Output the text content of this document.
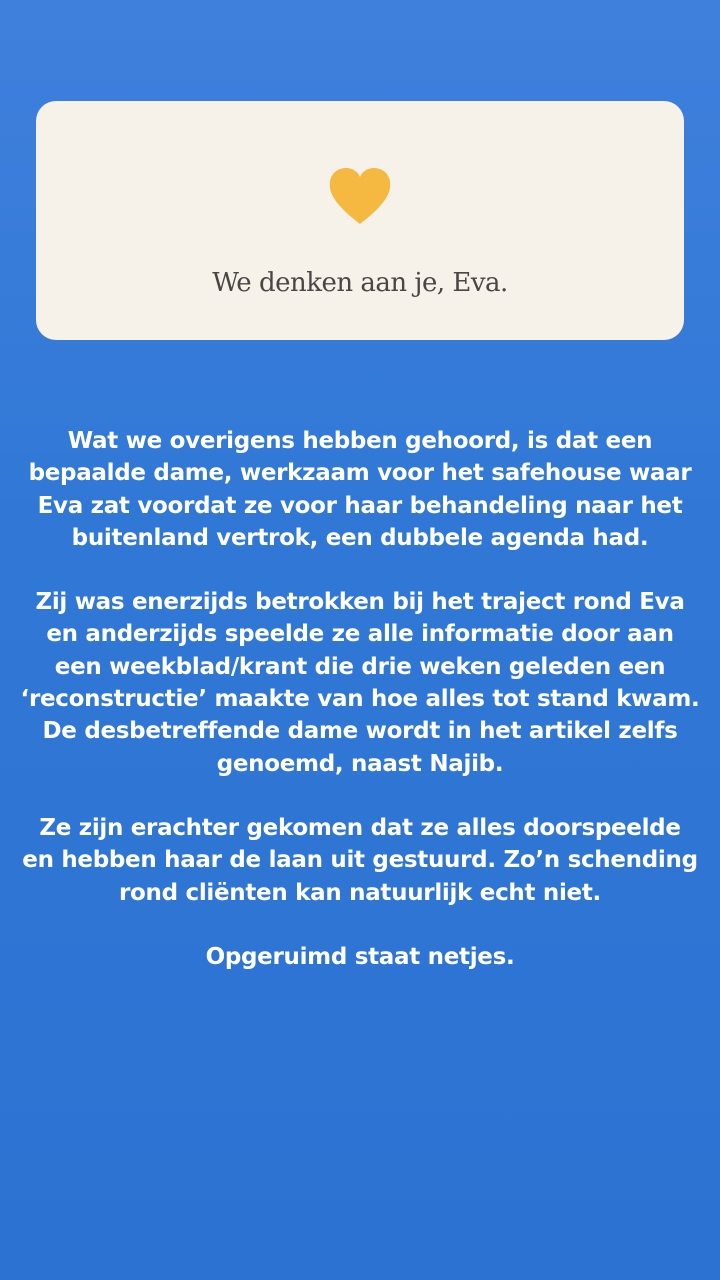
We denken aan je, Eva.

Wat we overigens hebben gehoord, is dat een bepaalde dame, werkzaam voor het safehouse waar Eva zat voordat ze voor haar behandeling naar het buitenland vertrok, een dubbele agenda had.

Zij was enerzijds betrokken bij het traject rond Eva en anderzijds speelde ze alle informatie door aan een weekblad/krant die drie weken geleden een ‘reconstructie’ maakte van hoe alles tot stand kwam. De desbetreffende dame wordt in het artikel zelfs genoemd, naast Najib.

Ze zijn erachter gekomen dat ze alles doorspeelde en hebben haar de laan uit gestuurd. Zo’n schending rond cliënten kan natuurlijk echt niet.

Opgeruimd staat netjes.
